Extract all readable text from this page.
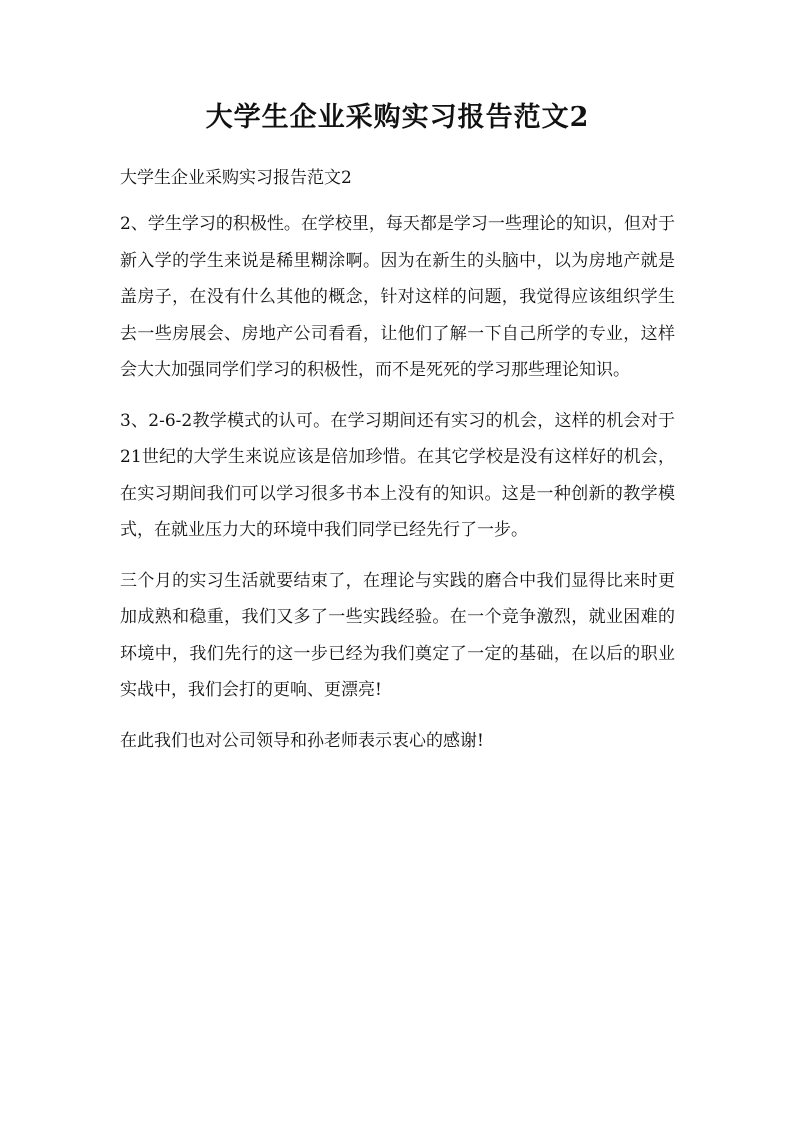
大学生企业采购实习报告范文2

大学生企业采购实习报告范文2

2、学生学习的积极性。在学校里，每天都是学习一些理论的知识，但对于新入学的学生来说是稀里糊涂啊。因为在新生的头脑中，以为房地产就是盖房子，在没有什么其他的概念，针对这样的问题，我觉得应该组织学生去一些房展会、房地产公司看看，让他们了解一下自己所学的专业，这样会大大加强同学们学习的积极性，而不是死死的学习那些理论知识。

3、2-6-2教学模式的认可。在学习期间还有实习的机会，这样的机会对于21世纪的大学生来说应该是倍加珍惜。在其它学校是没有这样好的机会，在实习期间我们可以学习很多书本上没有的知识。这是一种创新的教学模式，在就业压力大的环境中我们同学已经先行了一步。

三个月的实习生活就要结束了，在理论与实践的磨合中我们显得比来时更加成熟和稳重，我们又多了一些实践经验。在一个竞争激烈，就业困难的环境中，我们先行的这一步已经为我们奠定了一定的基础，在以后的职业实战中，我们会打的更响、更漂亮!

在此我们也对公司领导和孙老师表示衷心的感谢!
